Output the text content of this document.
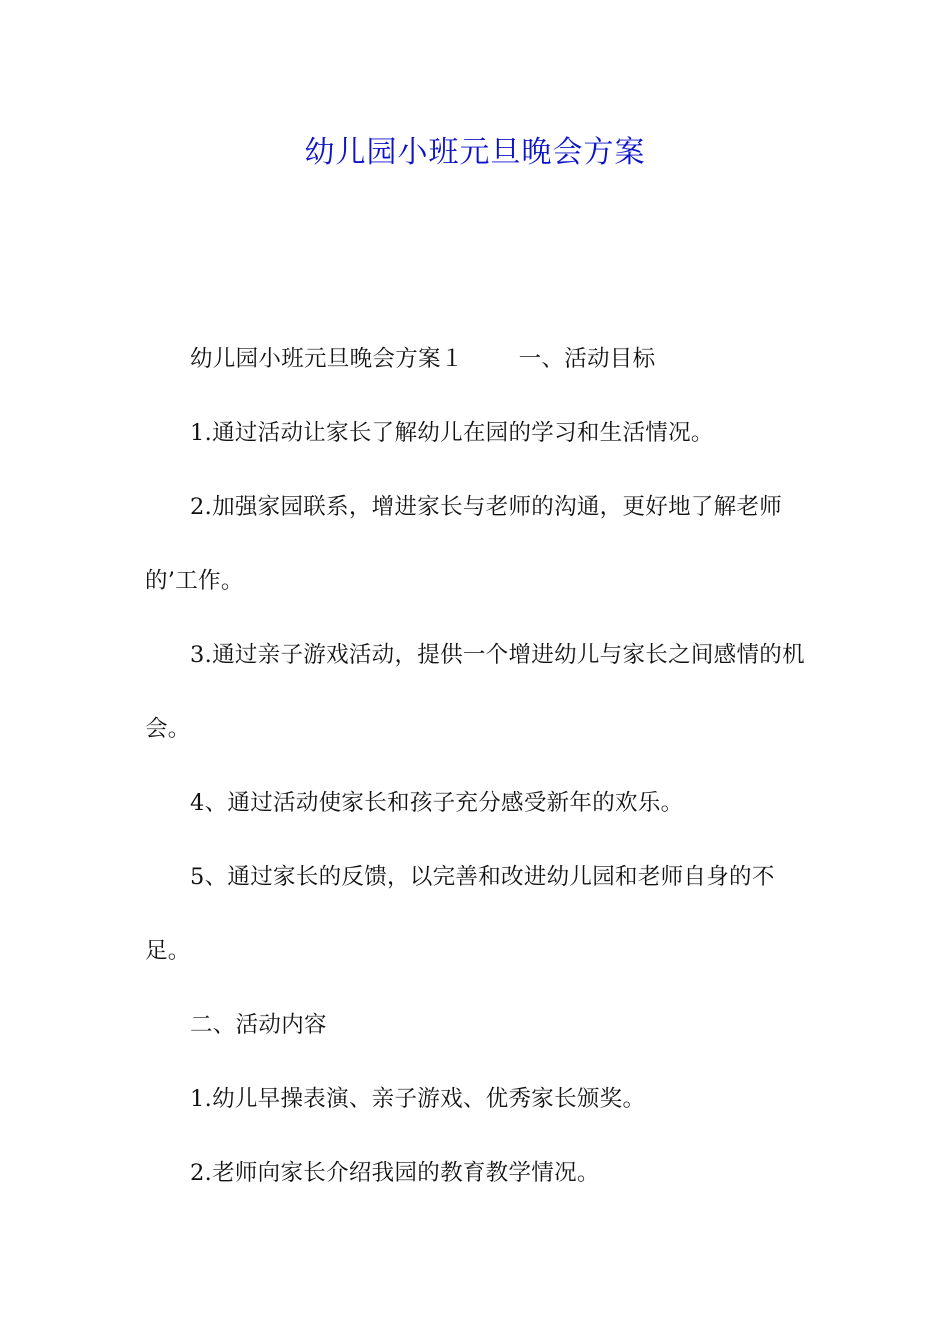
幼儿园小班元旦晚会方案

幼儿园小班元旦晚会方案１ 一、活动目标

1.通过活动让家长了解幼儿在园的学习和生活情况。

2.加强家园联系，增进家长与老师的沟通，更好地了解老师的’工作。

3.通过亲子游戏活动，提供一个增进幼儿与家长之间感情的机会。

4、通过活动使家长和孩子充分感受新年的欢乐。

5、通过家长的反馈，以完善和改进幼儿园和老师自身的不足。

二、活动内容

1.幼儿早操表演、亲子游戏、优秀家长颁奖。

2.老师向家长介绍我园的教育教学情况。
